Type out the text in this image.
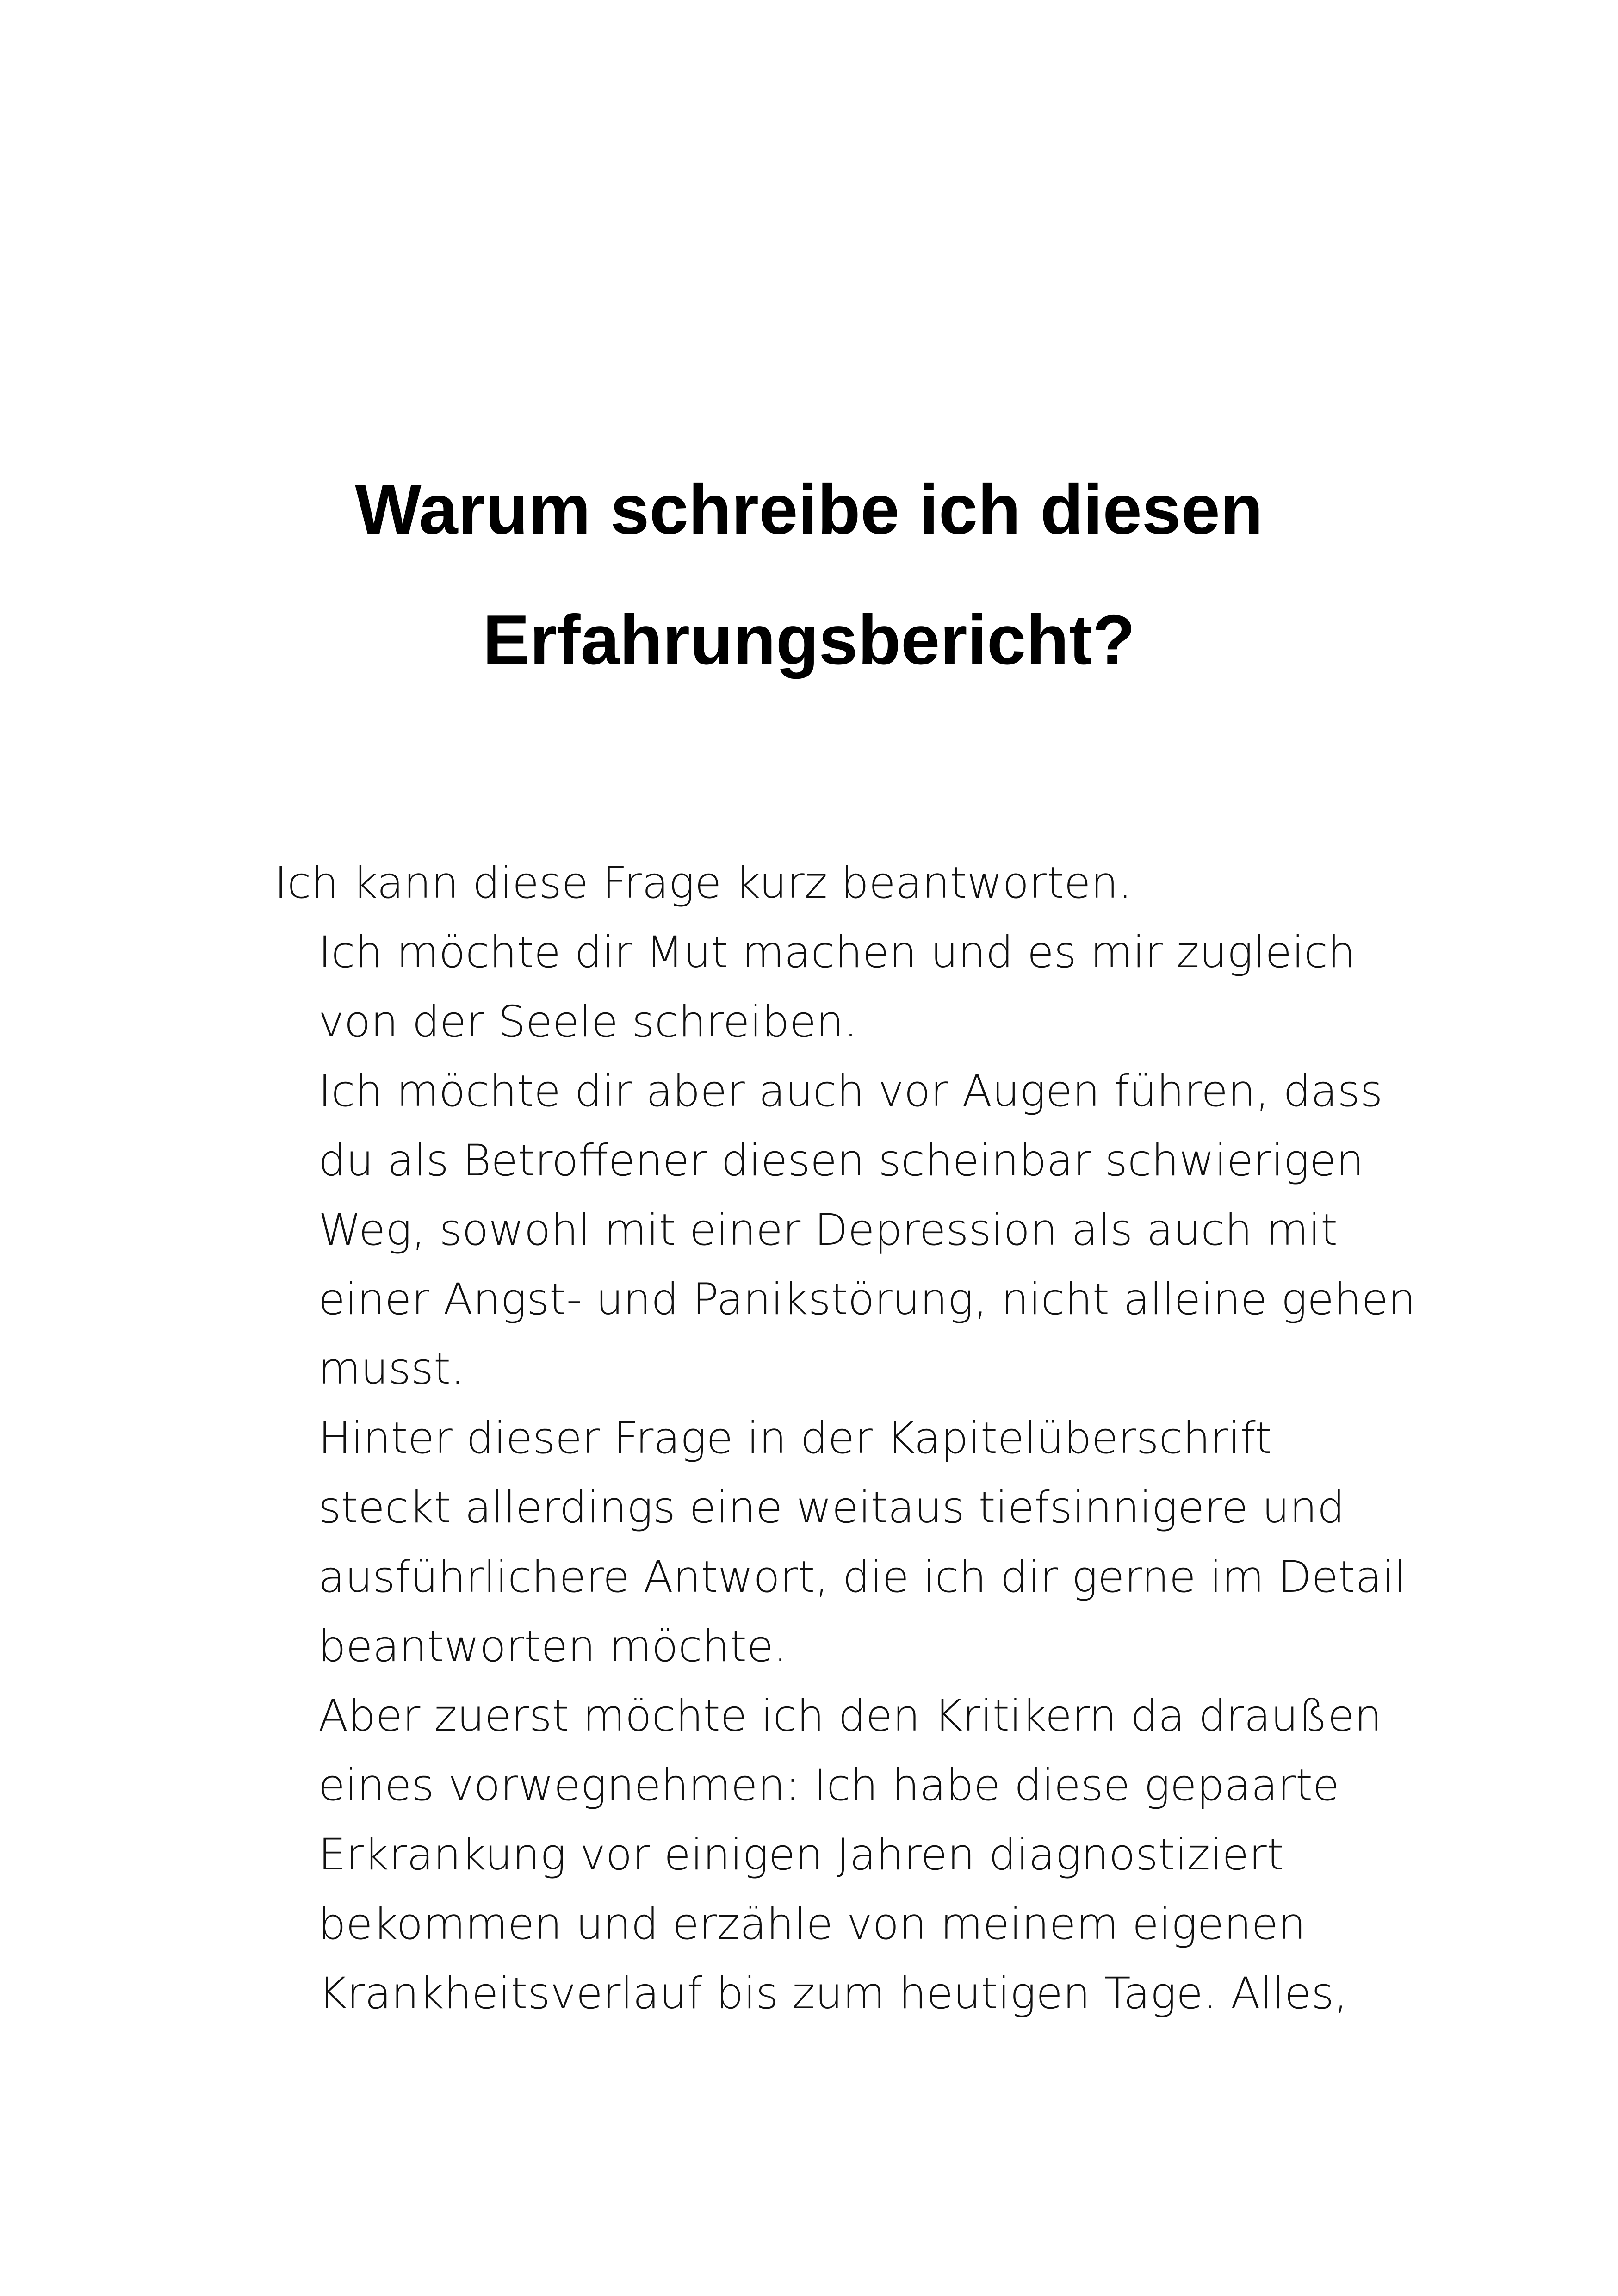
Warum schreibe ich diesen
Erfahrungsbericht?

Ich kann diese Frage kurz beantworten.

Ich möchte dir Mut machen und es mir zugleich
von der Seele schreiben.

Ich möchte dir aber auch vor Augen führen, dass
du als Betroffener diesen scheinbar schwierigen
Weg, sowohl mit einer Depression als auch mit
einer Angst- und Panikstörung, nicht alleine gehen
musst.

Hinter dieser Frage in der Kapitelüberschrift
steckt allerdings eine weitaus tiefsinnigere und
ausführlichere Antwort, die ich dir gerne im Detail
beantworten möchte.

Aber zuerst möchte ich den Kritikern da draußen
eines vorwegnehmen: Ich habe diese gepaarte
Erkrankung vor einigen Jahren diagnostiziert
bekommen und erzähle von meinem eigenen
Krankheitsverlauf bis zum heutigen Tage. Alles,
